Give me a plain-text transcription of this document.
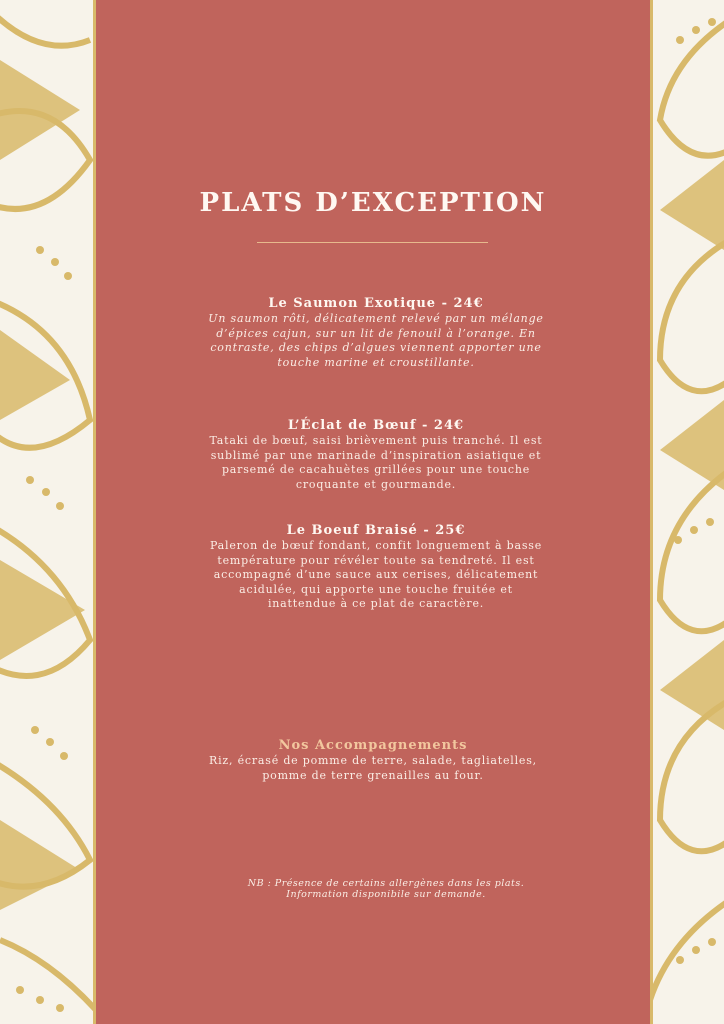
PLATS D’EXCEPTION
Le Saumon Exotique - 24€

Un saumon rôti, délicatement relevé par un mélange d’épices cajun, sur un lit de fenouil à l’orange. En contraste, des chips d’algues viennent apporter une touche marine et croustillante.

L’Éclat de Bœuf - 24€

Tataki de bœuf, saisi brièvement puis tranché. Il est sublimé par une marinade d’inspiration asiatique et parsemé de cacahuètes grillées pour une touche croquante et gourmande.

Le Boeuf Braisé - 25€

Paleron de bœuf fondant, confit longuement à basse température pour révéler toute sa tendreté. Il est accompagné d’une sauce aux cerises, délicatement acidulée, qui apporte une touche fruitée et inattendue à ce plat de caractère.

Nos Accompagnements

Riz, écrasé de pomme de terre, salade, tagliatelles, pomme de terre grenailles au four.

NB : Présence de certains allergènes dans les plats. Information disponibile sur demande.
